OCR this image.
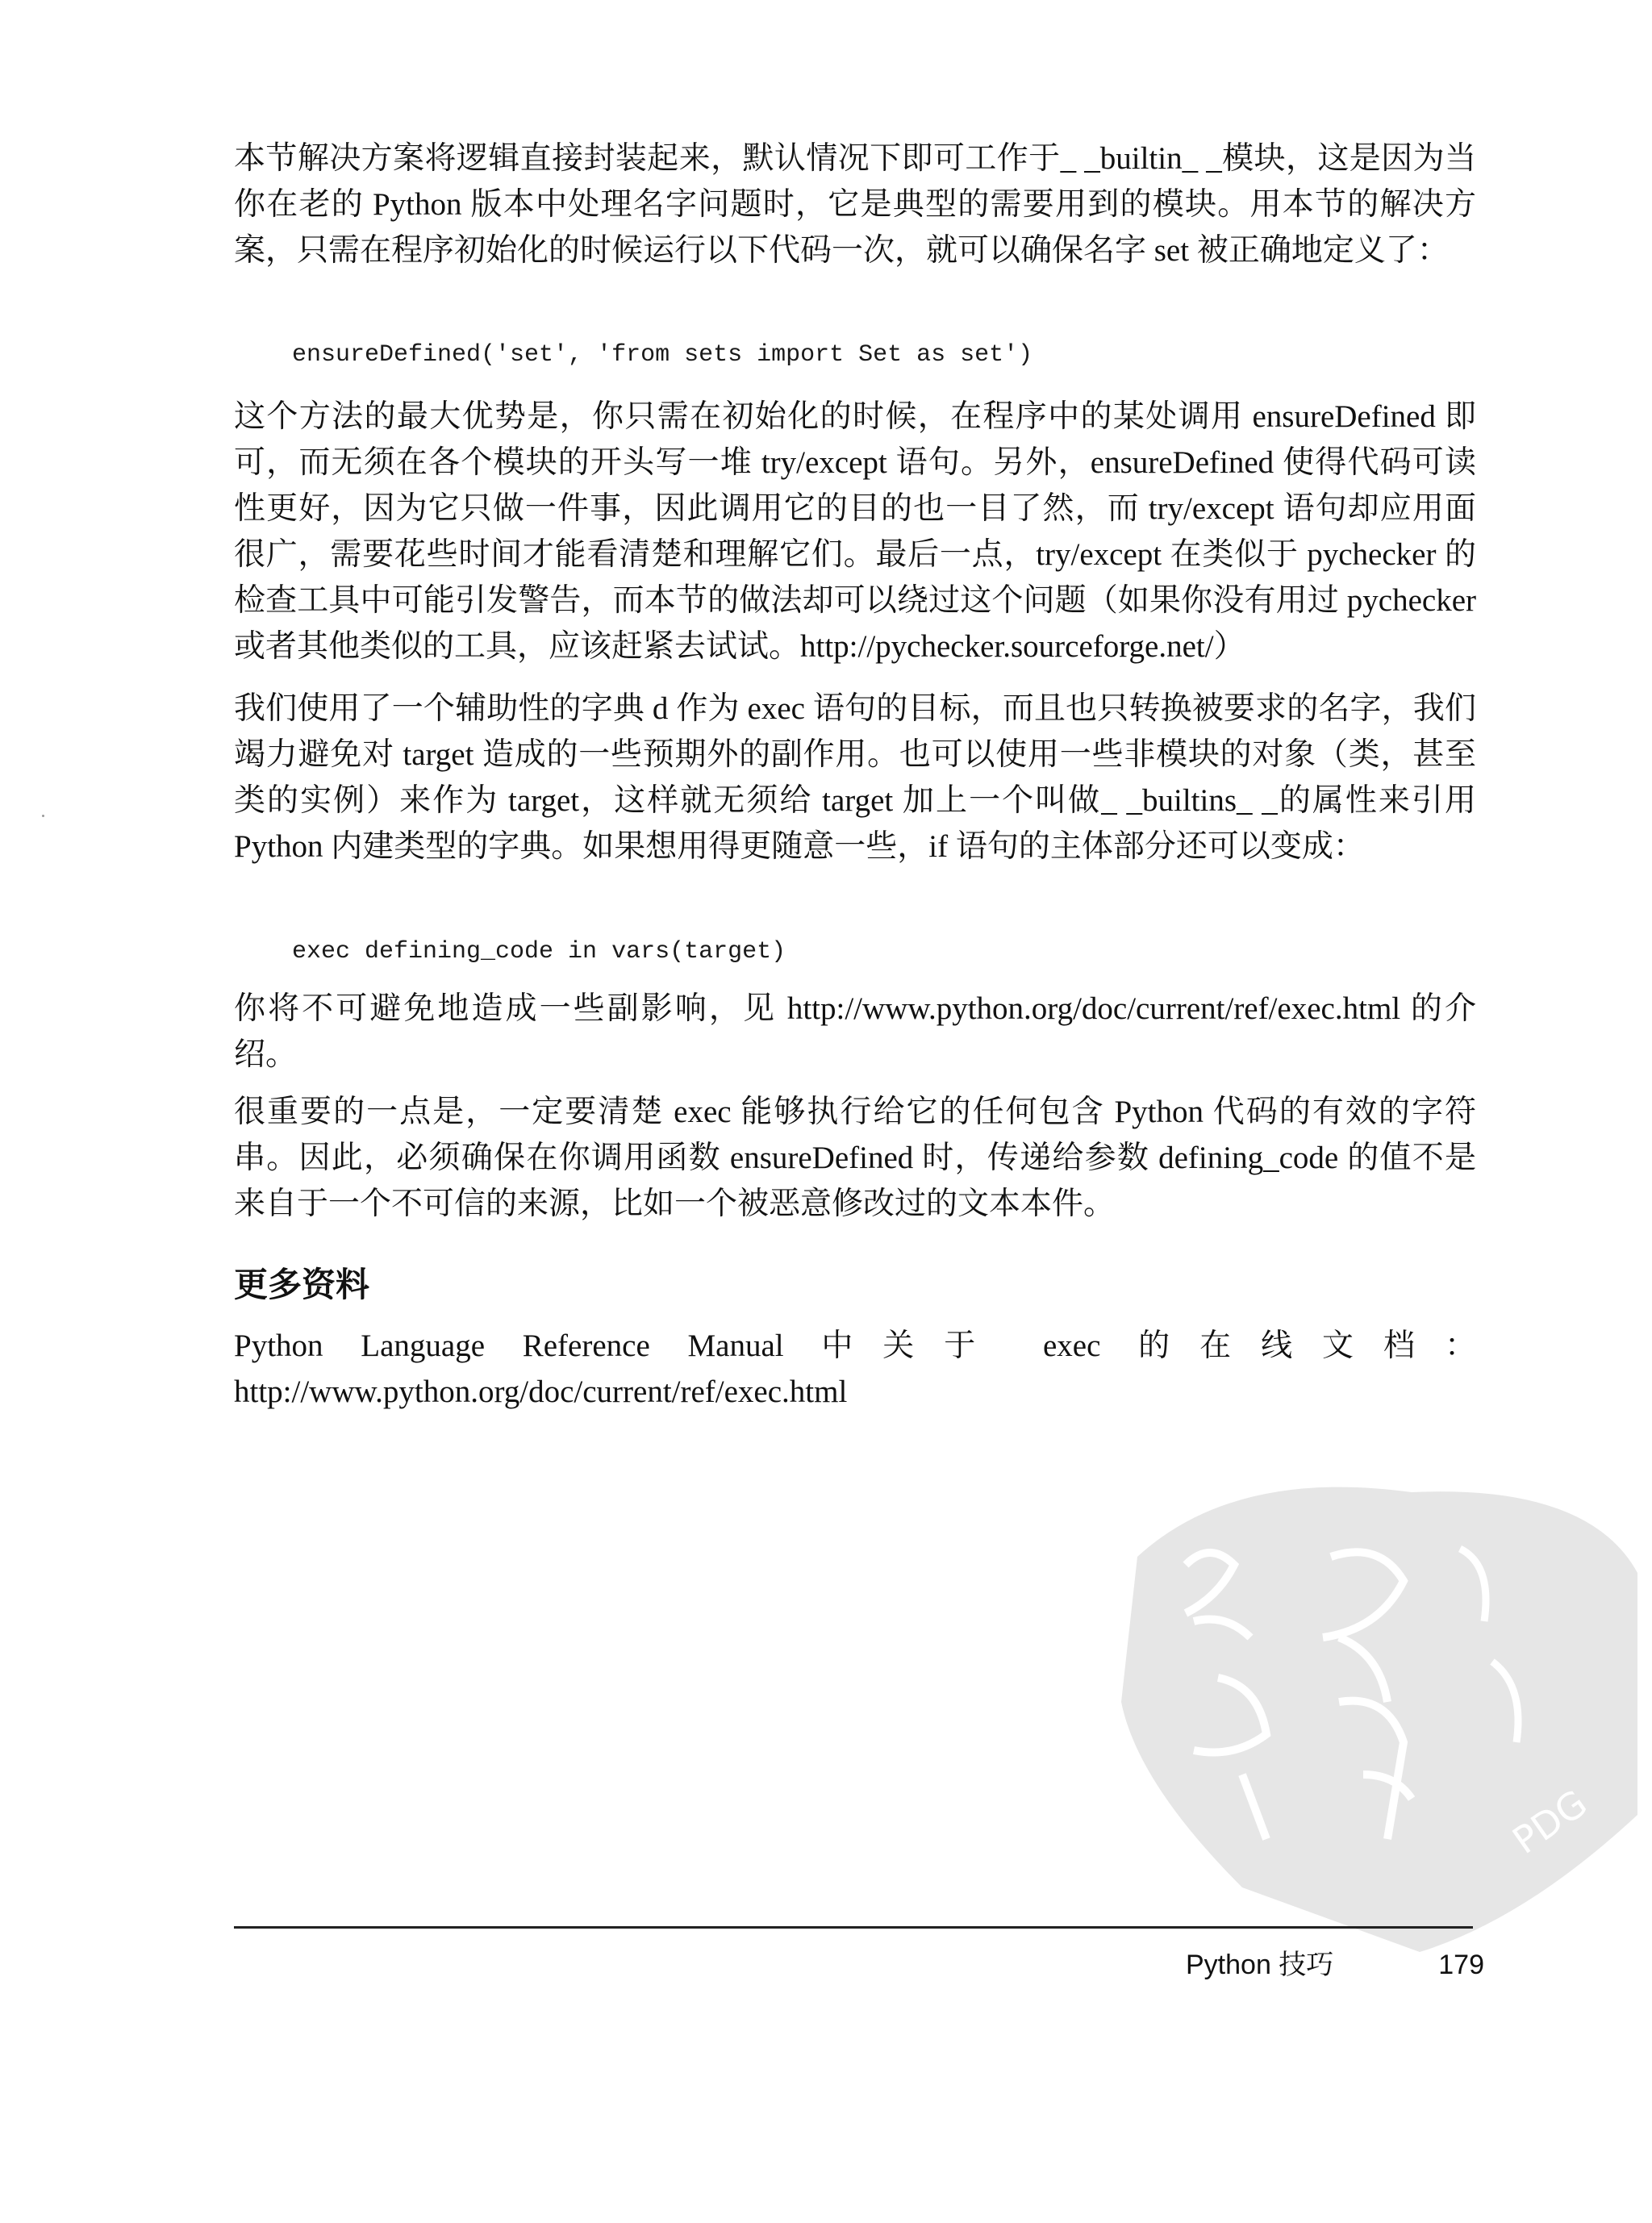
本节解决方案将逻辑直接封装起来，默认情况下即可工作于_ _builtin_ _模块，这是因为当你在老的 Python 版本中处理名字问题时，它是典型的需要用到的模块。用本节的解决方案，只需在程序初始化的时候运行以下代码一次，就可以确保名字 set 被正确地定义了：

ensureDefined('set', 'from sets import Set as set')

这个方法的最大优势是，你只需在初始化的时候，在程序中的某处调用 ensureDefined 即可，而无须在各个模块的开头写一堆 try/except 语句。另外，ensureDefined 使得代码可读性更好，因为它只做一件事，因此调用它的目的也一目了然，而 try/except 语句却应用面很广，需要花些时间才能看清楚和理解它们。最后一点，try/except 在类似于 pychecker 的检查工具中可能引发警告，而本节的做法却可以绕过这个问题（如果你没有用过 pychecker 或者其他类似的工具，应该赶紧去试试。http://pychecker.sourceforge.net/）

我们使用了一个辅助性的字典 d 作为 exec 语句的目标，而且也只转换被要求的名字，我们竭力避免对 target 造成的一些预期外的副作用。也可以使用一些非模块的对象（类，甚至类的实例）来作为 target，这样就无须给 target 加上一个叫做_ _builtins_ _的属性来引用 Python 内建类型的字典。如果想用得更随意一些，if 语句的主体部分还可以变成：

exec defining_code in vars(target)

你将不可避免地造成一些副影响，见 http://www.python.org/doc/current/ref/exec.html 的介绍。

很重要的一点是，一定要清楚 exec 能够执行给它的任何包含 Python 代码的有效的字符串。因此，必须确保在你调用函数 ensureDefined 时，传递给参数 defining_code 的值不是来自于一个不可信的来源，比如一个被恶意修改过的文本本件。

更多资料

Python Language Reference Manual 中关于 exec 的在线文档：http://www.python.org/doc/current/ref/exec.html

PDG
Python 技巧	179
